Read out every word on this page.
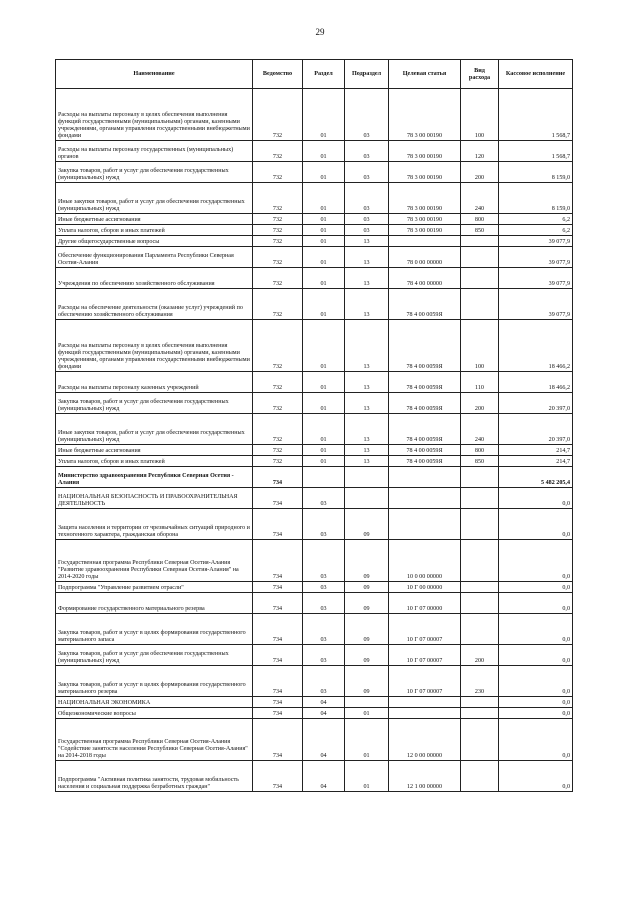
29
Наименование	Ведомство	Раздел	Подраздел	Целевая статья	Вид расхода	Кассовое исполнение
Расходы на выплаты персоналу в целях обеспечения выполнения функций государственными (муниципальными) органами, казенными учреждениями, органами управления государственными внебюджетными фондами	732	01	03	78 3 00 00190	100	1 568,7
Расходы на выплаты персоналу государственных (муниципальных) органов	732	01	03	78 3 00 00190	120	1 568,7
Закупка товаров, работ и услуг для обеспечения государственных (муниципальных) нужд	732	01	03	78 3 00 00190	200	8 159,0
Иные закупки товаров, работ и услуг для обеспечения государственных (муниципальных) нужд	732	01	03	78 3 00 00190	240	8 159,0
Иные бюджетные ассигнования	732	01	03	78 3 00 00190	800	6,2
Уплата налогов, сборов и иных платежей	732	01	03	78 3 00 00190	850	6,2
Другие общегосударственные вопросы	732	01	13			39 077,9
Обеспечение функционирования Парламента Республики Северная Осетия-Алания	732	01	13	78 0 00 00000		39 077,9
Учреждения по обеспечению хозяйственного обслуживания	732	01	13	78 4 00 00000		39 077,9
Расходы на обеспечение деятельности (оказание услуг) учреждений по обеспечению хозяйственного обслуживания	732	01	13	78 4 00 0059Я		39 077,9
Расходы на выплаты персоналу в целях обеспечения выполнения функций государственными (муниципальными) органами, казенными учреждениями, органами управления государственными внебюджетными фондами	732	01	13	78 4 00 0059Я	100	18 466,2
Расходы на выплаты персоналу казенных учреждений	732	01	13	78 4 00 0059Я	110	18 466,2
Закупка товаров, работ и услуг для обеспечения государственных (муниципальных) нужд	732	01	13	78 4 00 0059Я	200	20 397,0
Иные закупки товаров, работ и услуг для обеспечения государственных (муниципальных) нужд	732	01	13	78 4 00 0059Я	240	20 397,0
Иные бюджетные ассигнования	732	01	13	78 4 00 0059Я	800	214,7
Уплата налогов, сборов и иных платежей	732	01	13	78 4 00 0059Я	850	214,7
Министерство здравоохранения Республики Северная Осетия - Алания	734					5 482 205,4
НАЦИОНАЛЬНАЯ БЕЗОПАСНОСТЬ И ПРАВООХРАНИТЕЛЬНАЯ ДЕЯТЕЛЬНОСТЬ	734	03				0,0
Защита населения и территории от чрезвычайных ситуаций природного и техногенного характера, гражданская оборона	734	03	09			0,0
Государственная программа Республики Северная Осетия-Алания "Развитие здравоохранения Республики Северная Осетия-Алания" на 2014-2020 годы	734	03	09	10 0 00 00000		0,0
Подпрограмма "Управление развитием отрасли"	734	03	09	10 Г 00 00000		0,0
Формирование государственного материального резерва	734	03	09	10 Г 07 00000		0,0
Закупка товаров, работ и услуг в целях формирования государственного материального запаса	734	03	09	10 Г 07 00007		0,0
Закупка товаров, работ и услуг для обеспечения государственных (муниципальных) нужд	734	03	09	10 Г 07 00007	200	0,0
Закупка товаров, работ и услуг в целях формирования государственного материального резерва	734	03	09	10 Г 07 00007	230	0,0
НАЦИОНАЛЬНАЯ ЭКОНОМИКА	734	04				0,0
Общеэкономические вопросы	734	04	01			0,0
Государственная программа Республики Северная Осетия-Алания "Содействие занятости населения Республики Северная Осетия-Алания" на 2014-2018 годы	734	04	01	12 0 00 00000		0,0
Подпрограмма "Активная политика занятости, трудовая мобильность населения и социальная поддержка безработных граждан"	734	04	01	12 1 00 00000		0,0
